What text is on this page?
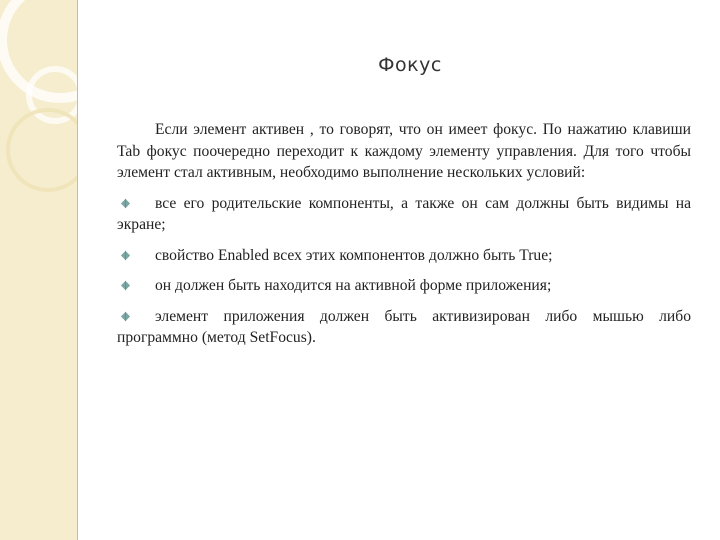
Фокус

Если элемент активен , то говорят, что он имеет фокус. По нажатию клавиши Tab фокус поочередно переходит к каждому элементу управления. Для того чтобы элемент стал активным, необходимо выполнение нескольких условий:

все его родительские компоненты, а также он сам должны быть видимы на экране;
свойство Enabled всех этих компонентов должно быть True;
он должен быть находится на активной форме приложения;
элемент приложения должен быть активизирован либо мышью либо программно (метод SetFocus).
